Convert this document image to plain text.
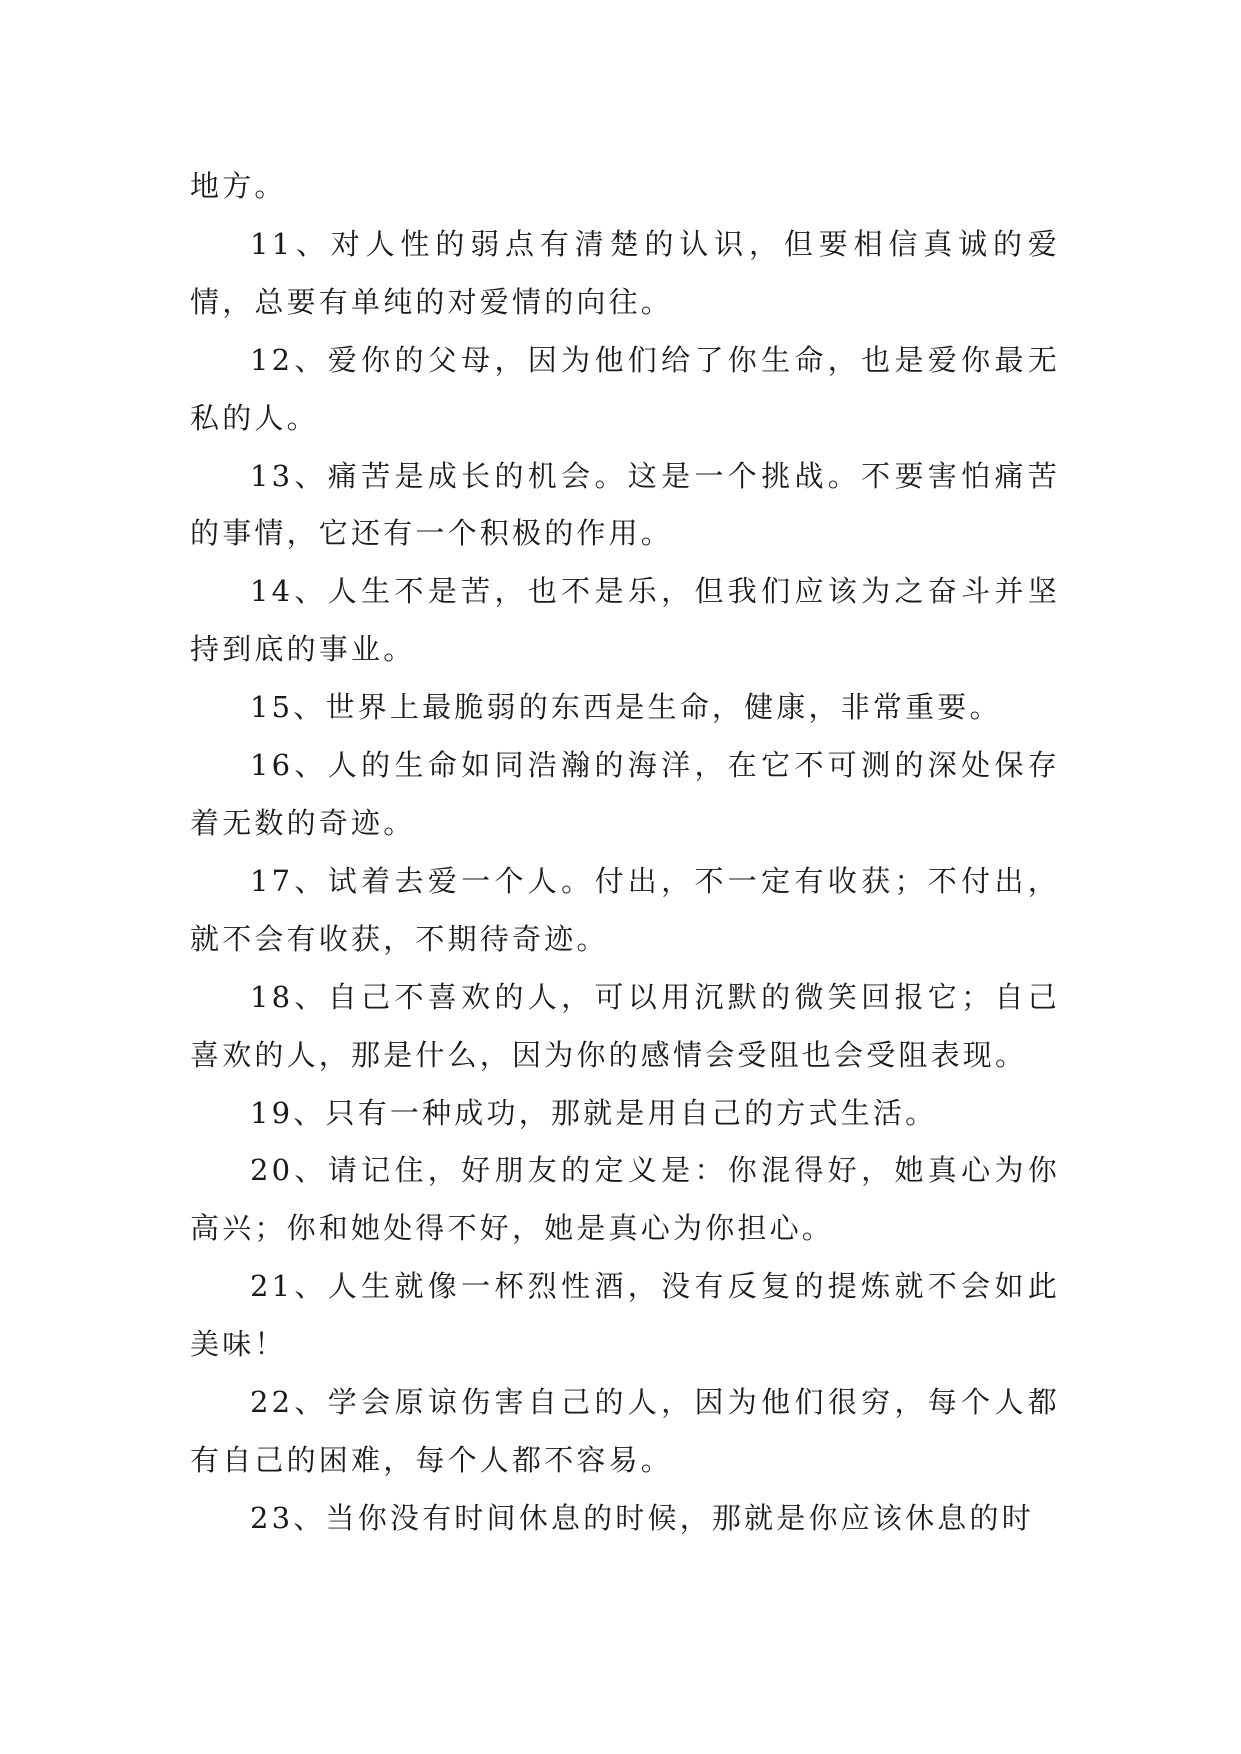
地方。

11、对人性的弱点有清楚的认识，但要相信真诚的爱情，总要有单纯的对爱情的向往。

12、爱你的父母，因为他们给了你生命，也是爱你最无私的人。

13、痛苦是成长的机会。这是一个挑战。不要害怕痛苦的事情，它还有一个积极的作用。

14、人生不是苦，也不是乐，但我们应该为之奋斗并坚持到底的事业。

15、世界上最脆弱的东西是生命，健康，非常重要。

16、人的生命如同浩瀚的海洋，在它不可测的深处保存着无数的奇迹。

17、试着去爱一个人。付出，不一定有收获；不付出，就不会有收获，不期待奇迹。

18、自己不喜欢的人，可以用沉默的微笑回报它；自己喜欢的人，那是什么，因为你的感情会受阻也会受阻表现。

19、只有一种成功，那就是用自己的方式生活。

20、请记住，好朋友的定义是：你混得好，她真心为你高兴；你和她处得不好，她是真心为你担心。

21、人生就像一杯烈性酒，没有反复的提炼就不会如此美味！

22、学会原谅伤害自己的人，因为他们很穷，每个人都有自己的困难，每个人都不容易。

23、当你没有时间休息的时候，那就是你应该休息的时
